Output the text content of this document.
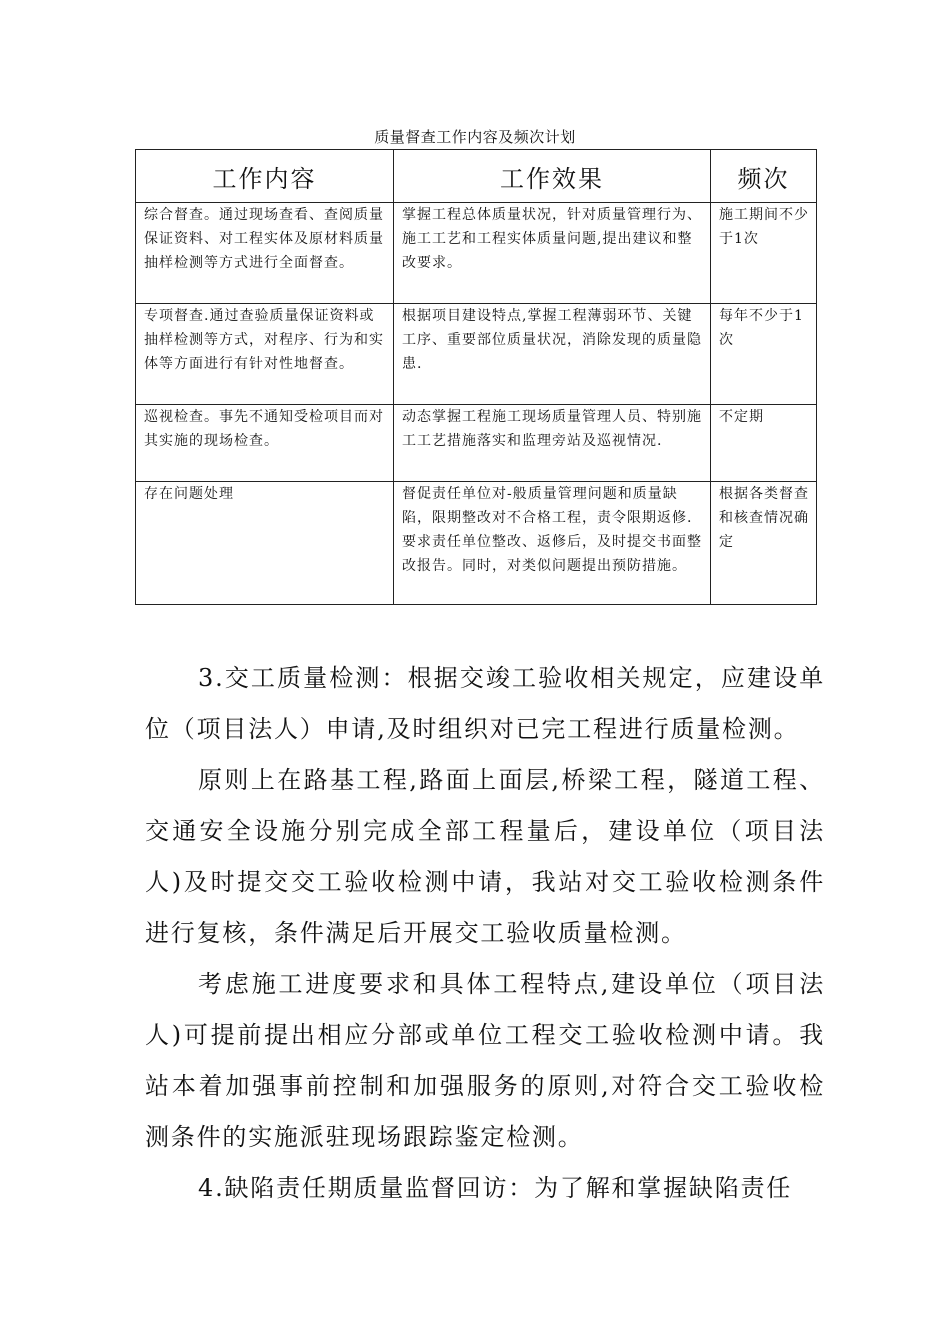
质量督查工作内容及频次计划
工作内容	工作效果	频次
综合督查。通过现场查看、查阅质量保证资料、对工程实体及原材料质量抽样检测等方式进行全面督查。	掌握工程总体质量状况，针对质量管理行为、施工工艺和工程实体质量问题,提出建议和整改要求。	施工期间不少于1次
专项督查.通过查验质量保证资料或抽样检测等方式，对程序、行为和实体等方面进行有针对性地督查。	根据项目建设特点,掌握工程薄弱环节、关键工序、重要部位质量状况，消除发现的质量隐患.	每年不少于1次
巡视检查。事先不通知受检项目而对其实施的现场检查。	动态掌握工程施工现场质量管理人员、特别施工工艺措施落实和监理旁站及巡视情况.	不定期
存在问题处理	督促责任单位对-般质量管理问题和质量缺陷，限期整改对不合格工程，责令限期返修.要求责任单位整改、返修后，及时提交书面整改报告。同时，对类似问题提出预防措施。	根据各类督查和核查情况确定

3.交工质量检测：根据交竣工验收相关规定，应建设单位（项目法人）申请,及时组织对已完工程进行质量检测。

原则上在路基工程,路面上面层,桥梁工程，隧道工程、交通安全设施分别完成全部工程量后，建设单位（项目法人)及时提交交工验收检测中请，我站对交工验收检测条件进行复核，条件满足后开展交工验收质量检测。

考虑施工进度要求和具体工程特点,建设单位（项目法人)可提前提出相应分部或单位工程交工验收检测中请。我站本着加强事前控制和加强服务的原则,对符合交工验收检测条件的实施派驻现场跟踪鉴定检测。

4.缺陷责任期质量监督回访：为了解和掌握缺陷责任
